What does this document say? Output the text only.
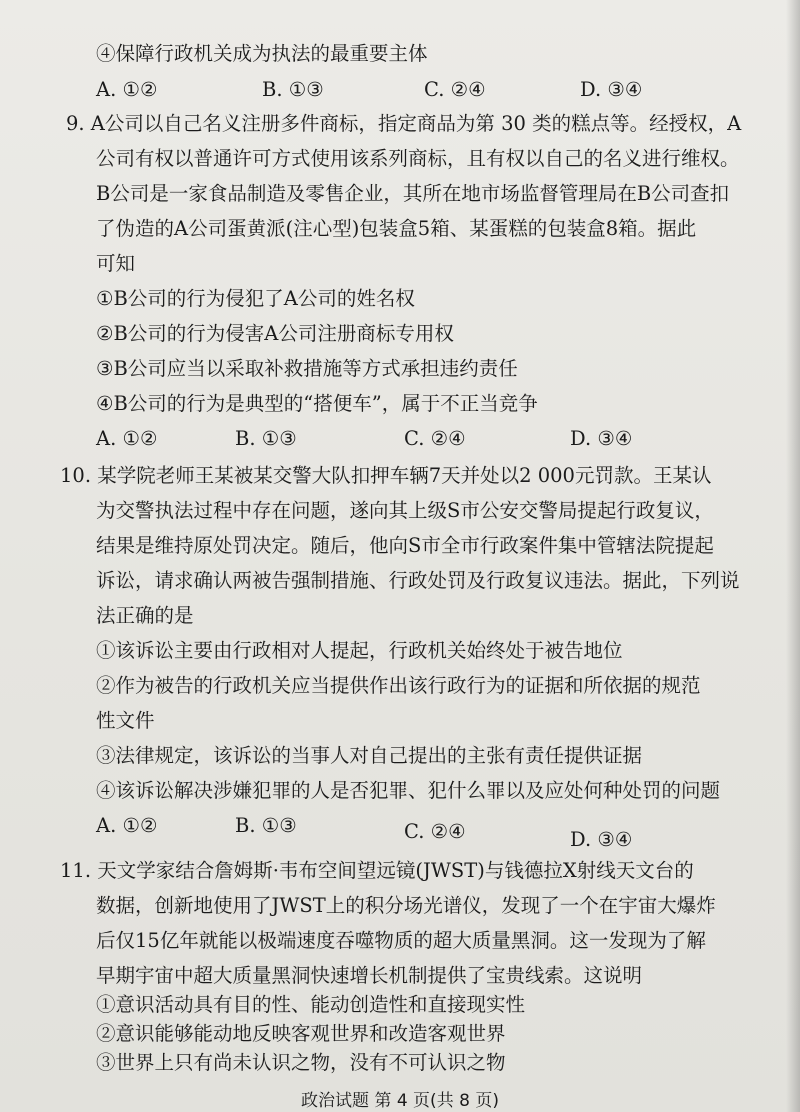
④保障行政机关成为执法的最重要主体
A. ①②	B. ①③	C. ②④	D. ③④
9. A公司以自己名义注册多件商标，指定商品为第 30 类的糕点等。经授权，A
公司有权以普通许可方式使用该系列商标，且有权以自己的名义进行维权。
B公司是一家食品制造及零售企业，其所在地市场监督管理局在B公司查扣
了伪造的A公司蛋黄派(注心型)包装盒5箱、某蛋糕的包装盒8箱。据此
可知
①B公司的行为侵犯了A公司的姓名权
②B公司的行为侵害A公司注册商标专用权
③B公司应当以采取补救措施等方式承担违约责任
④B公司的行为是典型的“搭便车”，属于不正当竞争
A. ①②	B. ①③	C. ②④	D. ③④
10. 某学院老师王某被某交警大队扣押车辆7天并处以2 000元罚款。王某认
为交警执法过程中存在问题，遂向其上级S市公安交警局提起行政复议，
结果是维持原处罚决定。随后，他向S市全市行政案件集中管辖法院提起
诉讼，请求确认两被告强制措施、行政处罚及行政复议违法。据此，下列说
法正确的是
①该诉讼主要由行政相对人提起，行政机关始终处于被告地位
②作为被告的行政机关应当提供作出该行政行为的证据和所依据的规范
性文件
③法律规定，该诉讼的当事人对自己提出的主张有责任提供证据
④该诉讼解决涉嫌犯罪的人是否犯罪、犯什么罪以及应处何种处罚的问题
A. ①②	B. ①③	C. ②④	D. ③④
11. 天文学家结合詹姆斯·韦布空间望远镜(JWST)与钱德拉X射线天文台的
数据，创新地使用了JWST上的积分场光谱仪，发现了一个在宇宙大爆炸
后仅15亿年就能以极端速度吞噬物质的超大质量黑洞。这一发现为了解
早期宇宙中超大质量黑洞快速增长机制提供了宝贵线索。这说明
①意识活动具有目的性、能动创造性和直接现实性
②意识能够能动地反映客观世界和改造客观世界
政治试题 第 4 页(共 8 页)
③世界上只有尚未认识之物，没有不可认识之物
